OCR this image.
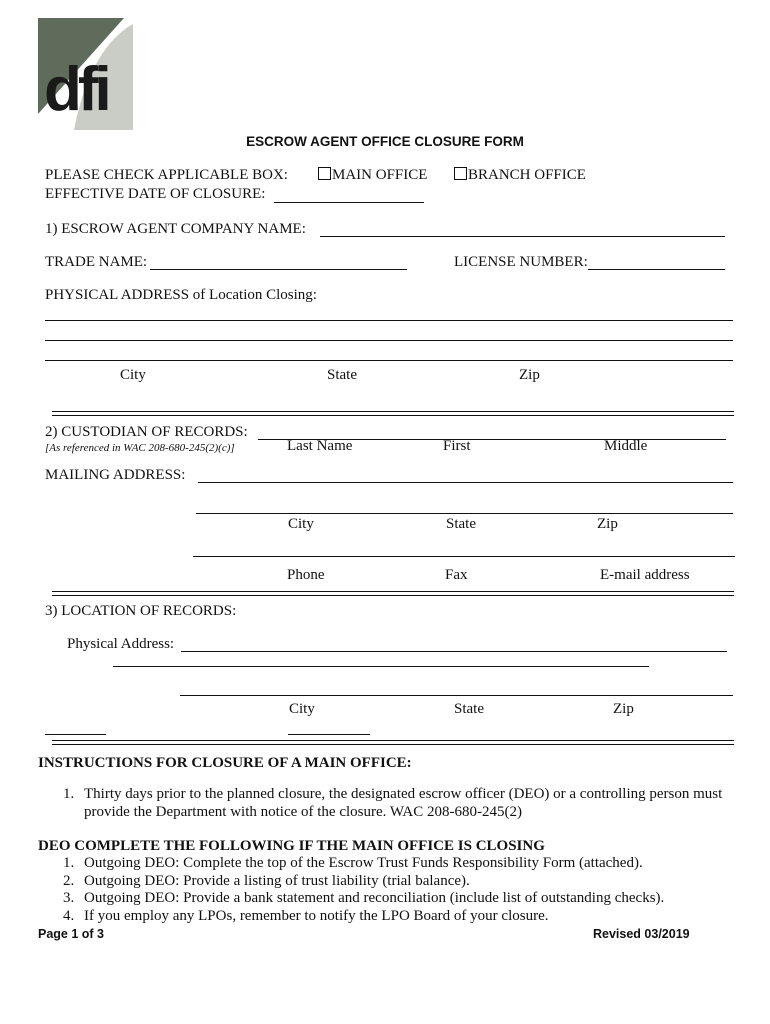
dfi
ESCROW AGENT OFFICE CLOSURE FORM
PLEASE CHECK APPLICABLE BOX:	MAIN OFFICE	BRANCH OFFICE
EFFECTIVE DATE OF CLOSURE:
1) ESCROW AGENT COMPANY NAME:
TRADE NAME:	LICENSE NUMBER:
PHYSICAL ADDRESS of Location Closing:
City	State	Zip
2) CUSTODIAN OF RECORDS:
[As referenced in WAC 208-680-245(2)(c)]	Last Name	First	Middle
MAILING ADDRESS:
City	State	Zip
Phone	Fax	E-mail address
3) LOCATION OF RECORDS:
Physical Address:
City	State	Zip
INSTRUCTIONS FOR CLOSURE OF A MAIN OFFICE:
1. Thirty days prior to the planned closure, the designated escrow officer (DEO) or a controlling person must
provide the Department with notice of the closure. WAC 208-680-245(2)
DEO COMPLETE THE FOLLOWING IF THE MAIN OFFICE IS CLOSING
1. Outgoing DEO: Complete the top of the Escrow Trust Funds Responsibility Form (attached).
2. Outgoing DEO: Provide a listing of trust liability (trial balance).
3. Outgoing DEO: Provide a bank statement and reconciliation (include list of outstanding checks).
4. If you employ any LPOs, remember to notify the LPO Board of your closure.
Page 1 of 3	Revised 03/2019
